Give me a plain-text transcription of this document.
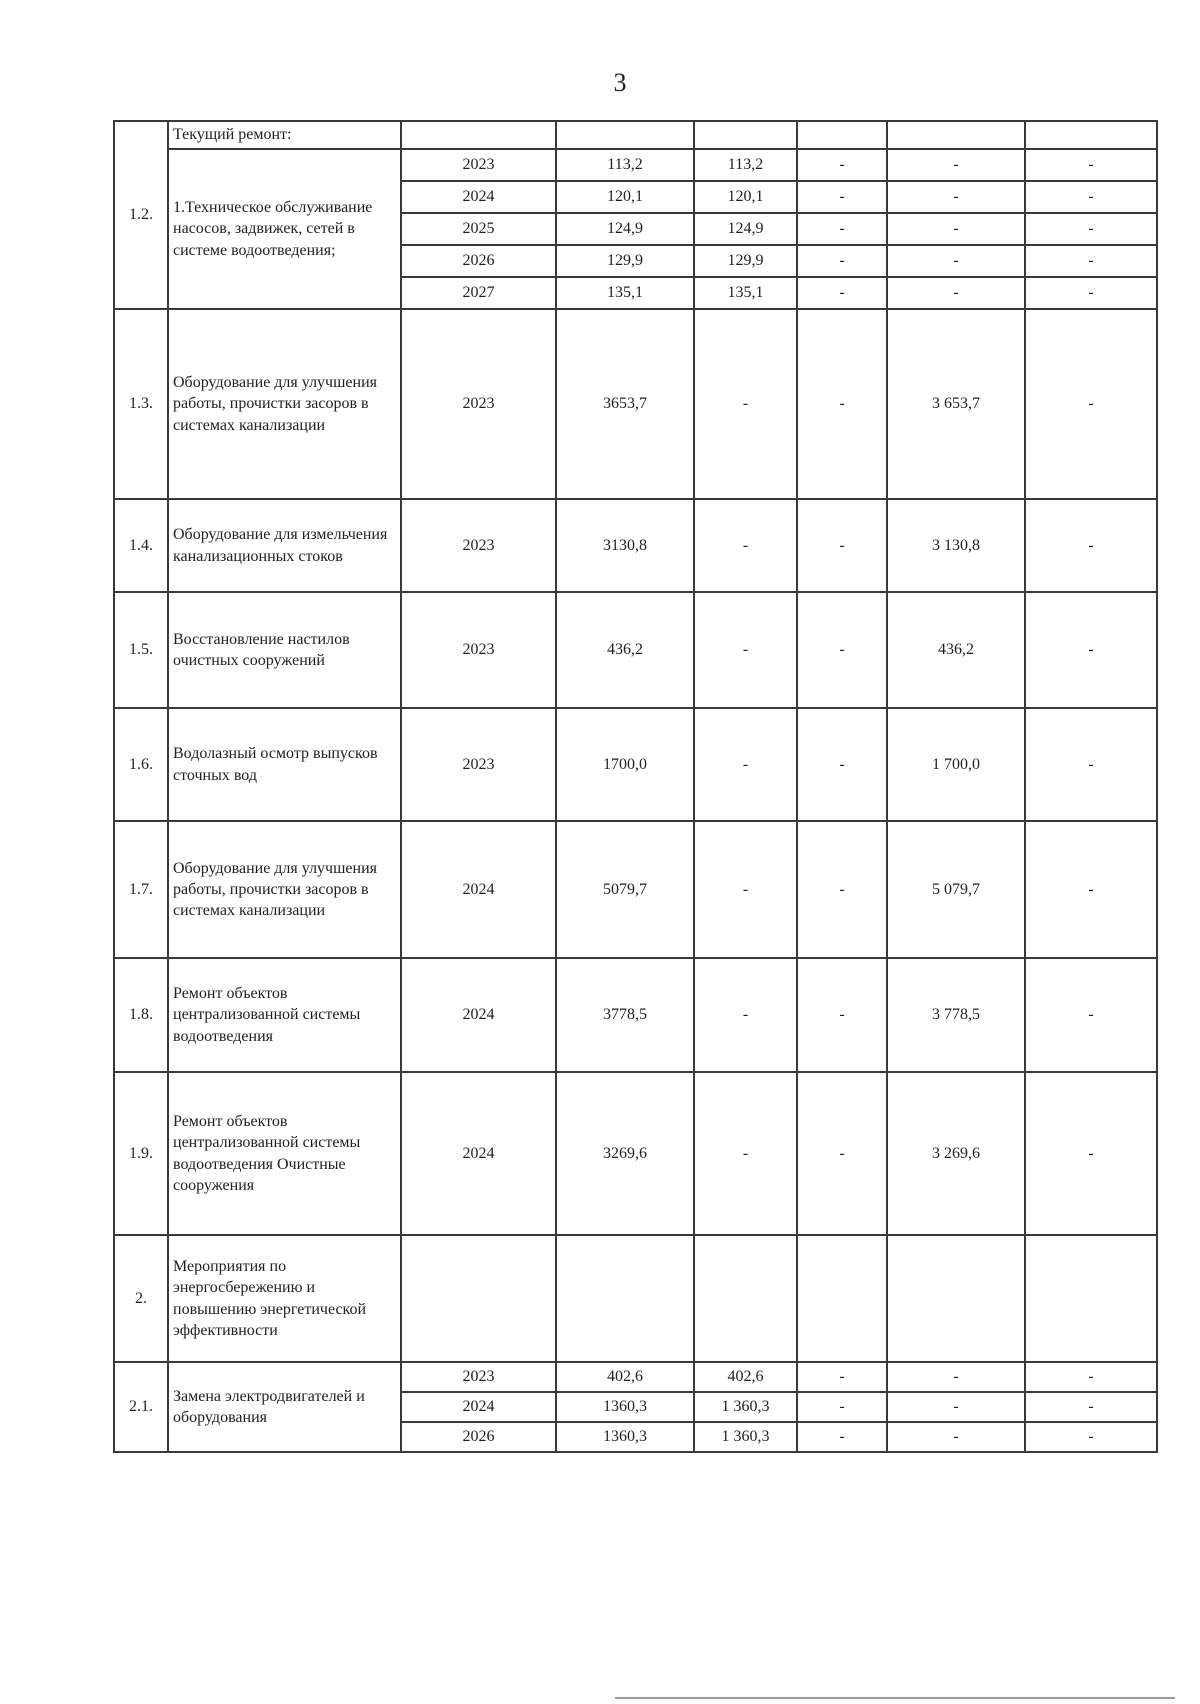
3
1.2.	Текущий ремонт:						
	1.Техническое обслуживание насосов, задвижек, сетей в системе водоотведения;	2023	113,2	113,2	-	-	-
		2024	120,1	120,1	-	-	-
		2025	124,9	124,9	-	-	-
		2026	129,9	129,9	-	-	-
		2027	135,1	135,1	-	-	-
1.3.	Оборудование для улучшения работы, прочистки засоров в системах канализации	2023	3653,7	-	-	3 653,7	-
1.4.	Оборудование для измельчения канализационных стоков	2023	3130,8	-	-	3 130,8	-
1.5.	Восстановление настилов очистных сооружений	2023	436,2	-	-	436,2	-
1.6.	Водолазный осмотр выпусков сточных вод	2023	1700,0	-	-	1 700,0	-
1.7.	Оборудование для улучшения работы, прочистки засоров в системах канализации	2024	5079,7	-	-	5 079,7	-
1.8.	Ремонт объектов централизованной системы водоотведения	2024	3778,5	-	-	3 778,5	-
1.9.	Ремонт объектов централизованной системы водоотведения Очистные сооружения	2024	3269,6	-	-	3 269,6	-
2.	Мероприятия по энергосбережению и повышению энергетической эффективности						
2.1.	Замена электродвигателей и оборудования	2023	402,6	402,6	-	-	-
		2024	1360,3	1 360,3	-	-	-
		2026	1360,3	1 360,3	-	-	-
